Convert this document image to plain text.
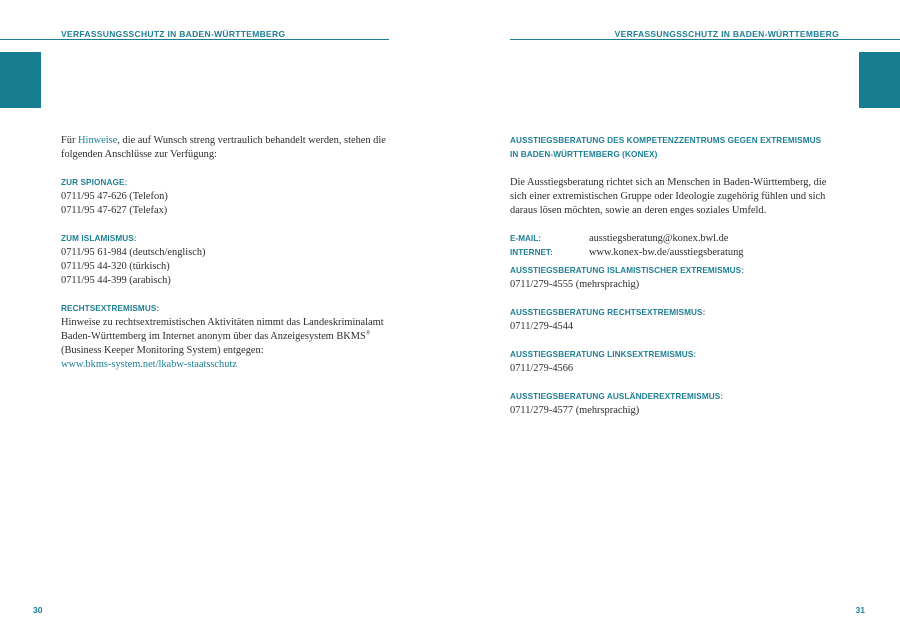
VERFASSUNGSSCHUTZ IN BADEN-WÜRTTEMBERG

Für Hinweise, die auf Wunsch streng vertraulich behandelt werden, stehen die
folgenden Anschlüsse zur Verfügung:

ZUR SPIONAGE:
0711/95 47-626 (Telefon)
0711/95 47-627 (Telefax)
ZUM ISLAMISMUS:
0711/95 61-984 (deutsch/englisch)
0711/95 44-320 (türkisch)
0711/95 44-399 (arabisch)
RECHTSEXTREMISMUS:
Hinweise zu rechtsextremistischen Aktivitäten nimmt das Landeskriminalamt
Baden-Württemberg im Internet anonym über das Anzeigesystem BKMS®
(Business Keeper Monitoring System) entgegen:
www.bkms-system.net/lkabw-staatsschutz
30
VERFASSUNGSSCHUTZ IN BADEN-WÜRTTEMBERG
AUSSTIEGSBERATUNG DES KOMPETENZZENTRUMS GEGEN EXTREMISMUS
IN BADEN-WÜRTTEMBERG (KONEX)

Die Ausstiegsberatung richtet sich an Menschen in Baden-Württemberg, die
sich einer extremistischen Gruppe oder Ideologie zugehörig fühlen und sich
daraus lösen möchten, sowie an deren enges soziales Umfeld.

E-MAIL:	ausstiegsberatung@konex.bwl.de
INTERNET:	www.konex-bw.de/ausstiegsberatung
AUSSTIEGSBERATUNG ISLAMISTISCHER EXTREMISMUS:
0711/279-4555 (mehrsprachig)
AUSSTIEGSBERATUNG RECHTSEXTREMISMUS:
0711/279-4544
AUSSTIEGSBERATUNG LINKSEXTREMISMUS:
0711/279-4566
AUSSTIEGSBERATUNG AUSLÄNDEREXTREMISMUS:
0711/279-4577 (mehrsprachig)
31
